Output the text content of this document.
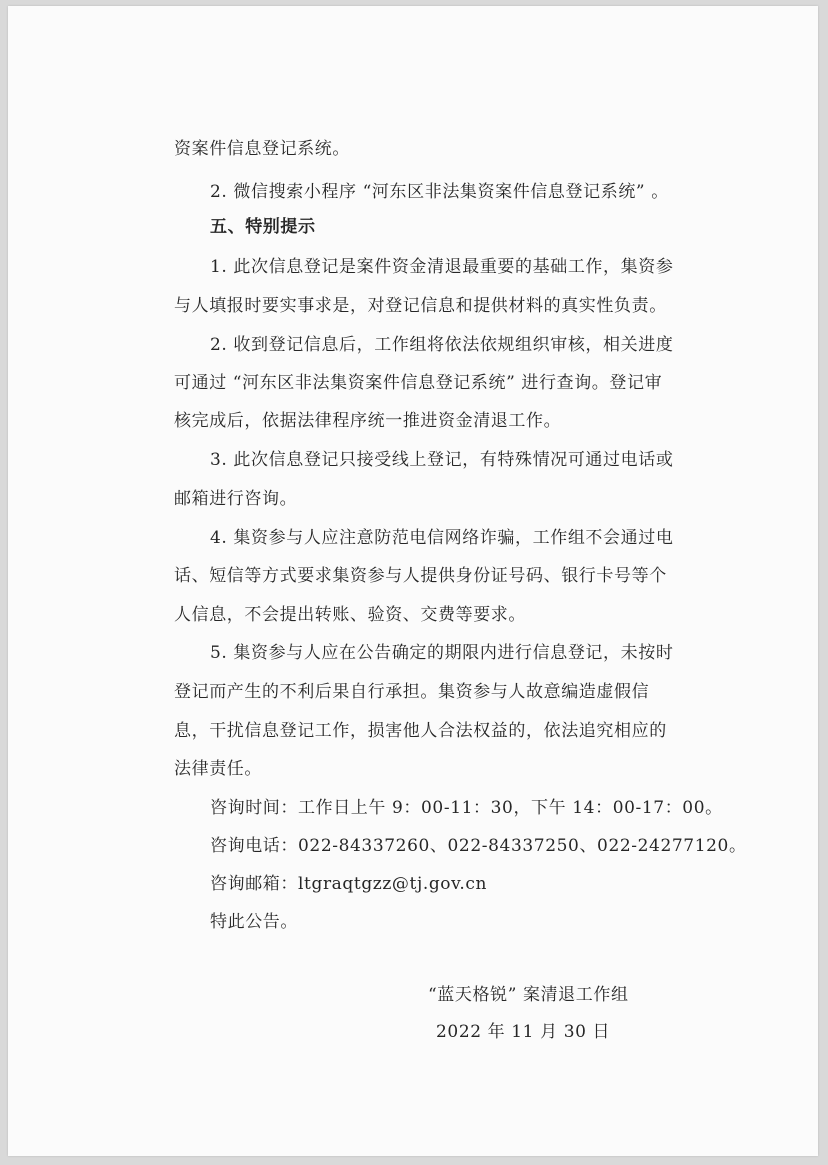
资案件信息登记系统。
2. 微信搜索小程序 “河东区非法集资案件信息登记系统” 。
五、特别提示
1. 此次信息登记是案件资金清退最重要的基础工作，集资参
与人填报时要实事求是，对登记信息和提供材料的真实性负责。
2. 收到登记信息后，工作组将依法依规组织审核，相关进度
可通过 “河东区非法集资案件信息登记系统” 进行查询。登记审
核完成后，依据法律程序统一推进资金清退工作。
3. 此次信息登记只接受线上登记，有特殊情况可通过电话或
邮箱进行咨询。
4. 集资参与人应注意防范电信网络诈骗，工作组不会通过电
话、短信等方式要求集资参与人提供身份证号码、银行卡号等个
人信息，不会提出转账、验资、交费等要求。
5. 集资参与人应在公告确定的期限内进行信息登记，未按时
登记而产生的不利后果自行承担。集资参与人故意编造虚假信
息，干扰信息登记工作，损害他人合法权益的，依法追究相应的
法律责任。
咨询时间：工作日上午 9：00-11：30，下午 14：00-17：00。
咨询电话：022-84337260、022-84337250、022-24277120。
咨询邮箱：ltgraqtgzz@tj.gov.cn
特此公告。
“蓝天格锐” 案清退工作组
2022 年 11 月 30 日
